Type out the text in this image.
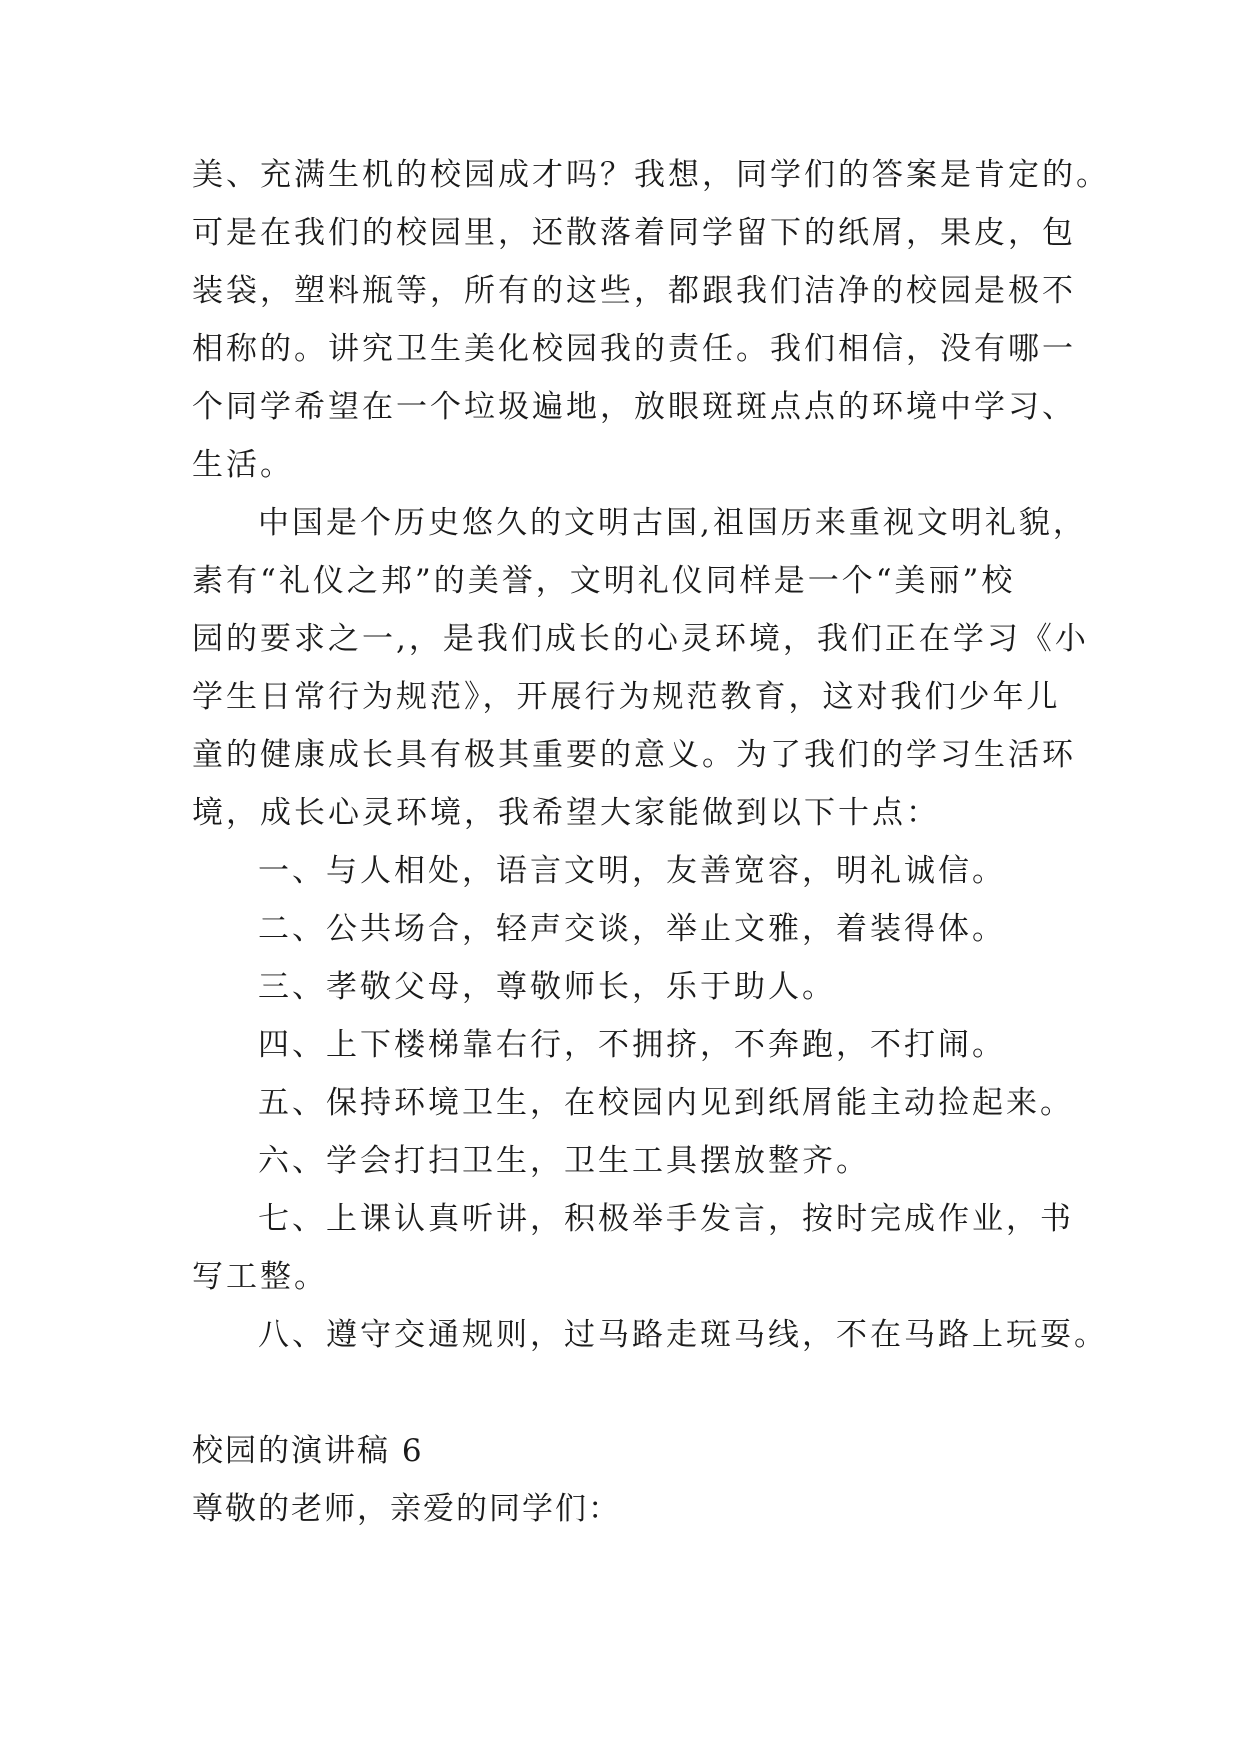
美、充满生机的校园成才吗？我想，同学们的答案是肯定的。
可是在我们的校园里，还散落着同学留下的纸屑，果皮，包
装袋，塑料瓶等，所有的这些，都跟我们洁净的校园是极不
相称的。讲究卫生美化校园我的责任。我们相信，没有哪一
个同学希望在一个垃圾遍地，放眼斑斑点点的环境中学习、
生活。
中国是个历史悠久的文明古国,祖国历来重视文明礼貌，
素有“礼仪之邦”的美誉，文明礼仪同样是一个“美丽”校
园的要求之一,，是我们成长的心灵环境，我们正在学习《小
学生日常行为规范》，开展行为规范教育，这对我们少年儿
童的健康成长具有极其重要的意义。为了我们的学习生活环
境，成长心灵环境，我希望大家能做到以下十点：
一、与人相处，语言文明，友善宽容，明礼诚信。
二、公共场合，轻声交谈，举止文雅，着装得体。
三、孝敬父母，尊敬师长，乐于助人。
四、上下楼梯靠右行，不拥挤，不奔跑，不打闹。
五、保持环境卫生，在校园内见到纸屑能主动捡起来。
六、学会打扫卫生，卫生工具摆放整齐。
七、上课认真听讲，积极举手发言，按时完成作业，书
写工整。
八、遵守交通规则，过马路走斑马线，不在马路上玩耍。
校园的演讲稿 6
尊敬的老师，亲爱的同学们：
